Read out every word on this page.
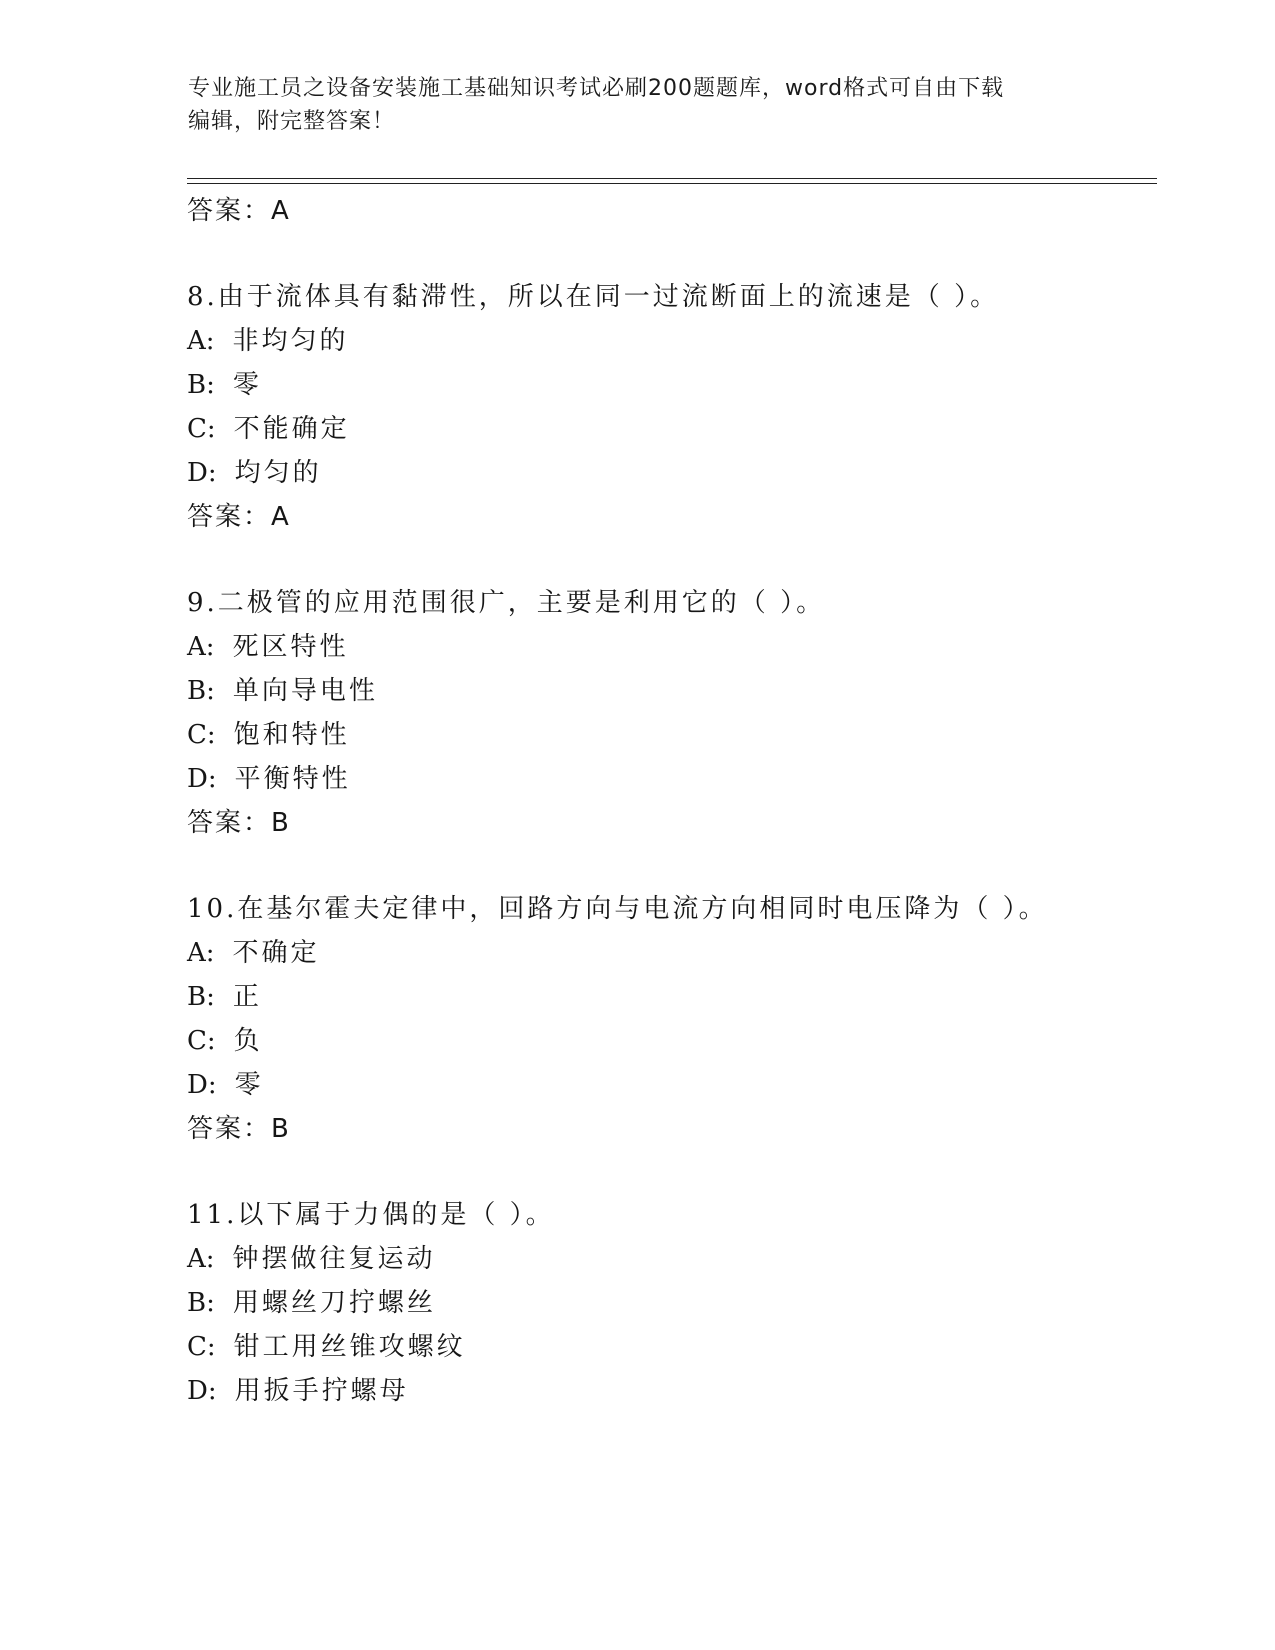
专业施工员之设备安装施工基础知识考试必刷200题题库，word格式可自由下载
编辑，附完整答案！
答案：A
8.由于流体具有黏滞性，所以在同一过流断面上的流速是（ ）。
A: 非均匀的
B: 零
C: 不能确定
D: 均匀的
答案：A
9.二极管的应用范围很广，主要是利用它的（ ）。
A: 死区特性
B: 单向导电性
C: 饱和特性
D: 平衡特性
答案：B
10.在基尔霍夫定律中，回路方向与电流方向相同时电压降为（ ）。
A: 不确定
B: 正
C: 负
D: 零
答案：B
11.以下属于力偶的是（ ）。
A: 钟摆做往复运动
B: 用螺丝刀拧螺丝
C: 钳工用丝锥攻螺纹
D: 用扳手拧螺母
